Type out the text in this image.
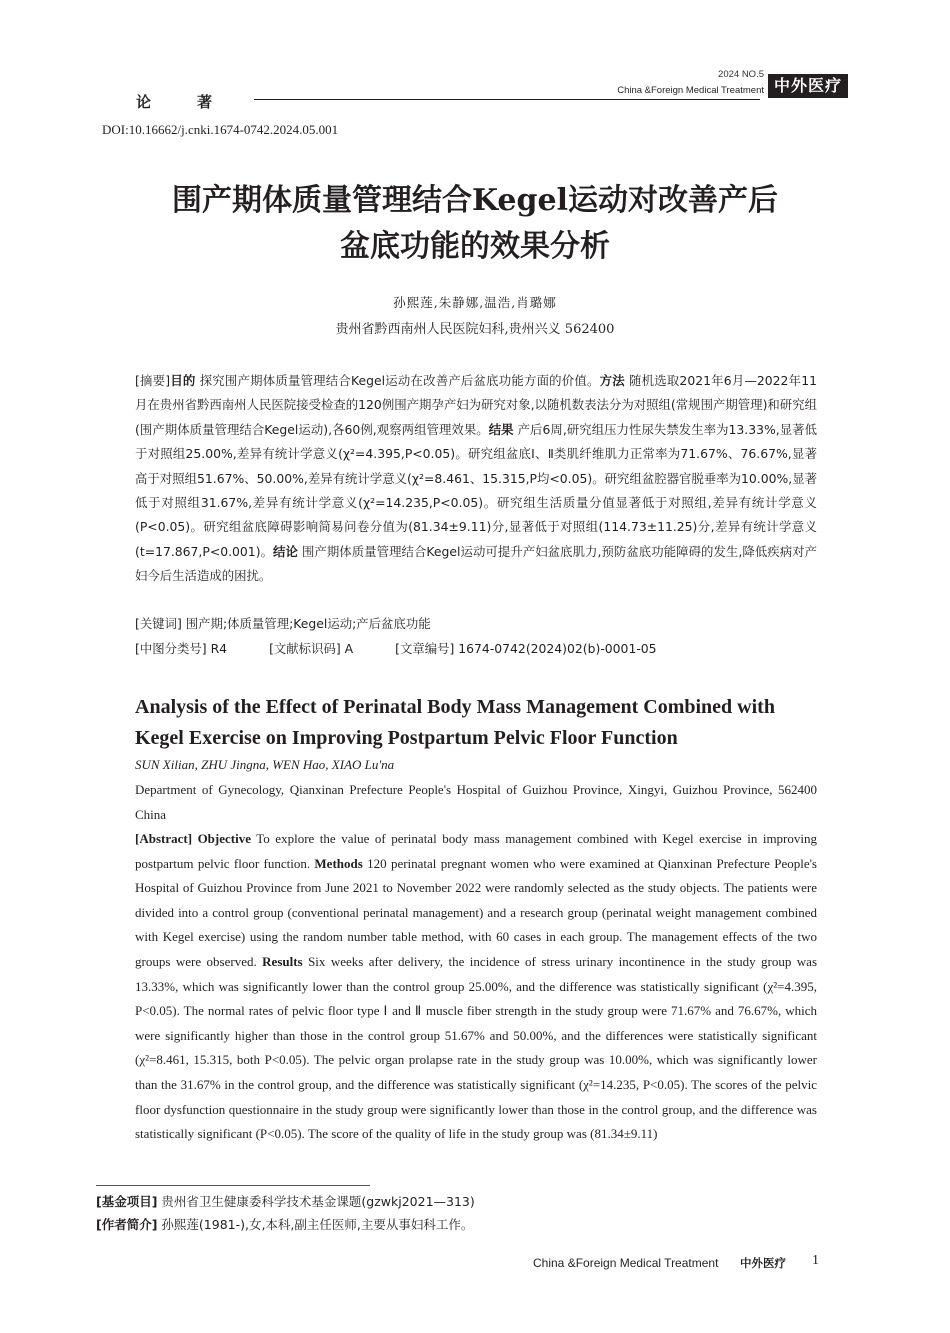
论著
2024 NO.5
China &Foreign Medical Treatment 中外医疗
DOI:10.16662/j.cnki.1674-0742.2024.05.001
围产期体质量管理结合Kegel运动对改善产后
盆底功能的效果分析
孙熙莲,朱静娜,温浩,肖璐娜
贵州省黔西南州人民医院妇科,贵州兴义 562400
[摘要]目的 探究围产期体质量管理结合Kegel运动在改善产后盆底功能方面的价值。方法 随机选取2021年6月—2022年11月在贵州省黔西南州人民医院接受检查的120例围产期孕产妇为研究对象,以随机数表法分为对照组(常规围产期管理)和研究组(围产期体质量管理结合Kegel运动),各60例,观察两组管理效果。结果 产后6周,研究组压力性尿失禁发生率为13.33%,显著低于对照组25.00%,差异有统计学意义(χ²=4.395,P<0.05)。研究组盆底Ⅰ、Ⅱ类肌纤维肌力正常率为71.67%、76.67%,显著高于对照组51.67%、50.00%,差异有统计学意义(χ²=8.461、15.315,P均<0.05)。研究组盆腔器官脱垂率为10.00%,显著低于对照组31.67%,差异有统计学意义(χ²=14.235,P<0.05)。研究组生活质量分值显著低于对照组,差异有统计学意义(P<0.05)。研究组盆底障碍影响简易问卷分值为(81.34±9.11)分,显著低于对照组(114.73±11.25)分,差异有统计学意义(t=17.867,P<0.001)。结论 围产期体质量管理结合Kegel运动可提升产妇盆底肌力,预防盆底功能障碍的发生,降低疾病对产妇今后生活造成的困扰。
[关键词] 围产期;体质量管理;Kegel运动;产后盆底功能
[中图分类号] R4	[文献标识码] A	[文章编号] 1674-0742(2024)02(b)-0001-05
Analysis of the Effect of Perinatal Body Mass Management Combined with
Kegel Exercise on Improving Postpartum Pelvic Floor Function
SUN Xilian, ZHU Jingna, WEN Hao, XIAO Lu'na
Department of Gynecology, Qianxinan Prefecture People's Hospital of Guizhou Province, Xingyi, Guizhou Province, 562400 China
[Abstract] Objective To explore the value of perinatal body mass management combined with Kegel exercise in improving postpartum pelvic floor function. Methods 120 perinatal pregnant women who were examined at Qianxinan Prefecture People's Hospital of Guizhou Province from June 2021 to November 2022 were randomly selected as the study objects. The patients were divided into a control group (conventional perinatal management) and a research group (perinatal weight management combined with Kegel exercise) using the random number table method, with 60 cases in each group. The management effects of the two groups were observed. Results Six weeks after delivery, the incidence of stress urinary incontinence in the study group was 13.33%, which was significantly lower than the control group 25.00%, and the difference was statistically significant (χ²=4.395, P<0.05). The normal rates of pelvic floor type Ⅰ and Ⅱ muscle fiber strength in the study group were 71.67% and 76.67%, which were significantly higher than those in the control group 51.67% and 50.00%, and the differences were statistically significant (χ²=8.461, 15.315, both P<0.05). The pelvic organ prolapse rate in the study group was 10.00%, which was significantly lower than the 31.67% in the control group, and the difference was statistically significant (χ²=14.235, P<0.05). The scores of the pelvic floor dysfunction questionnaire in the study group were significantly lower than those in the control group, and the difference was statistically significant (P<0.05). The score of the quality of life in the study group was (81.34±9.11)
[基金项目] 贵州省卫生健康委科学技术基金课题(gzwkj2021—313)
[作者简介] 孙熙莲(1981-),女,本科,副主任医师,主要从事妇科工作。
China &Foreign Medical Treatment 中外医疗 1
